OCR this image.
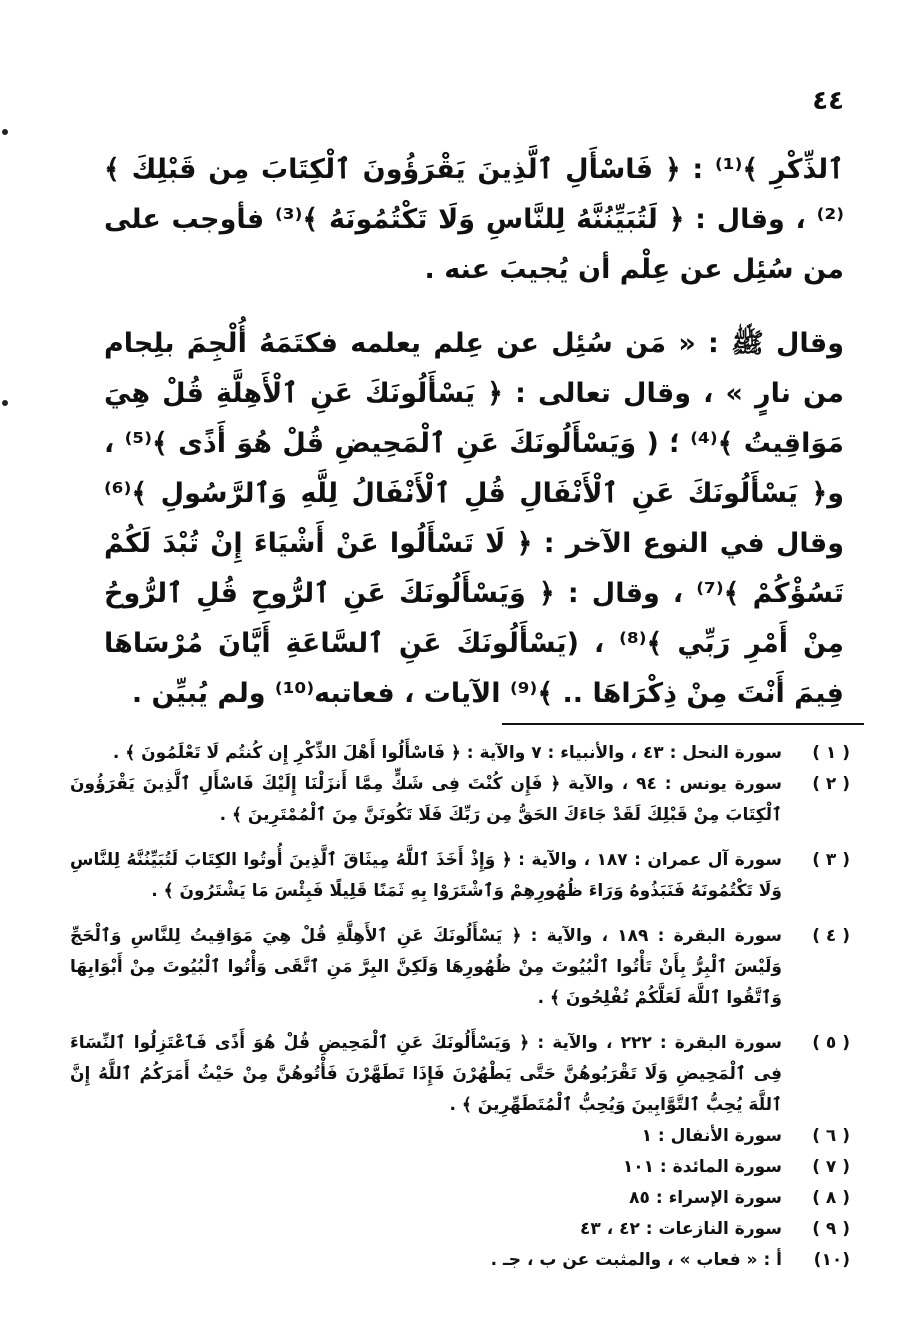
٤٤

ٱلذِّكْرِ ﴾⁽¹⁾ : ﴿ فَاسْأَلِ ٱلَّذِينَ يَقْرَؤُونَ ٱلْكِتَابَ مِن قَبْلِكَ ﴾⁽²⁾ ، وقال : ﴿ لَتُبَيِّنُنَّهُ لِلنَّاسِ وَلَا تَكْتُمُونَهُ ﴾⁽³⁾ فأوجب على من سُئِل عن عِلْم أن يُجيبَ عنه .

وقال ﷺ : « مَن سُئِل عن عِلم يعلمه فكتَمَهُ أُلْجِمَ بلِجام من نارٍ » ، وقال تعالى : ﴿ يَسْأَلُونَكَ عَنِ ٱلْأَهِلَّةِ قُلْ هِيَ مَوَاقِيتُ ﴾⁽⁴⁾ ؛ ( وَيَسْأَلُونَكَ عَنِ ٱلْمَحِيضِ قُلْ هُوَ أَذًى ﴾⁽⁵⁾ ، و﴿ يَسْأَلُونَكَ عَنِ ٱلْأَنْفَالِ قُلِ ٱلْأَنْفَالُ لِلَّهِ وَٱلرَّسُولِ ﴾⁽⁶⁾ وقال في النوع الآخر : ﴿ لَا تَسْأَلُوا عَنْ أَشْيَاءَ إِنْ تُبْدَ لَكُمْ تَسُؤْكُمْ ﴾⁽⁷⁾ ، وقال : ﴿ وَيَسْأَلُونَكَ عَنِ ٱلرُّوحِ قُلِ ٱلرُّوحُ مِنْ أَمْرِ رَبِّي ﴾⁽⁸⁾ ، (يَسْأَلُونَكَ عَنِ ٱلسَّاعَةِ أَيَّانَ مُرْسَاهَا فِيمَ أَنْتَ مِنْ ذِكْرَاهَا .. ﴾⁽⁹⁾ الآيات ، فعاتبه⁽¹⁰⁾ ولم يُبيِّن .

( ١ )
سورة النحل : ٤٣ ، والأنبياء : ٧ والآية : ﴿ فَاسْأَلُوا أَهْلَ الذِّكْرِ إِن كُنتُم لَا تَعْلَمُونَ ﴾ .
( ٢ )
سورة يونس : ٩٤ ، والآية ﴿ فَإِن كُنْتَ فِى شَكٍّ مِمَّا أَنزَلْنَا إِلَيْكَ فَاسْأَلِ ٱلَّذِينَ يَقْرَؤُونَ ٱلْكِتَابَ مِنْ قَبْلِكَ لَقَدْ جَاءَكَ الحَقُّ مِن رَبِّكَ فَلَا تَكُونَنَّ مِنَ ٱلْمُمْتَرِينَ ﴾ .
( ٣ )
سورة آل عمران : ١٨٧ ، والآية : ﴿ وَإِذْ أَخَذَ ٱللَّهُ مِيثَاقَ ٱلَّذِينَ أُوتُوا الكِتَابَ لَتُبَيِّنُنَّهُ لِلنَّاسِ وَلَا تَكْتُمُونَهُ فَنَبَذُوهُ وَرَاءَ ظُهُورِهِمْ وَٱشْتَرَوْا بِهِ ثَمَنًا قَلِيلًا فَبِئْسَ مَا يَشْتَرُونَ ﴾ .
( ٤ )
سورة البقرة : ١٨٩ ، والآية : ﴿ يَسْأَلُونَكَ عَنِ ٱلأَهِلَّةِ قُلْ هِيَ مَوَاقِيتُ لِلنَّاسِ وَٱلْحَجِّ وَلَيْسَ ٱلْبِرُّ بِأَنْ تَأْتُوا ٱلْبُيُوتَ مِنْ ظُهُورِهَا وَلَكِنَّ البِرَّ مَنِ ٱتَّقَى وَأْتُوا ٱلْبُيُوتَ مِنْ أَبْوَابِهَا وَٱتَّقُوا ٱللَّهَ لَعَلَّكُمْ تُفْلِحُونَ ﴾ .
( ٥ )
سورة البقرة : ٢٢٢ ، والآية : ﴿ وَيَسْأَلُونَكَ عَنِ ٱلْمَحِيضِ قُلْ هُوَ أَذًى فَٱعْتَزِلُوا ٱلنِّسَاءَ فِى ٱلْمَحِيضِ وَلَا تَقْرَبُوهُنَّ حَتَّى يَطْهُرْنَ فَإِذَا تَطَهَّرْنَ فَأْتُوهُنَّ مِنْ حَيْثُ أَمَرَكُمُ ٱللَّهُ إِنَّ ٱللَّهَ يُحِبُّ ٱلتَّوَّابِينَ وَيُحِبُّ ٱلْمُتَطَهِّرِينَ ﴾ .
( ٦ )
سورة الأنفال : ١
( ٧ )
سورة المائدة : ١٠١
( ٨ )
سورة الإسراء : ٨٥
( ٩ )
سورة النازعات : ٤٢ ، ٤٣
(١٠)
أ : « فعاب » ، والمثبت عن ب ، جـ .
